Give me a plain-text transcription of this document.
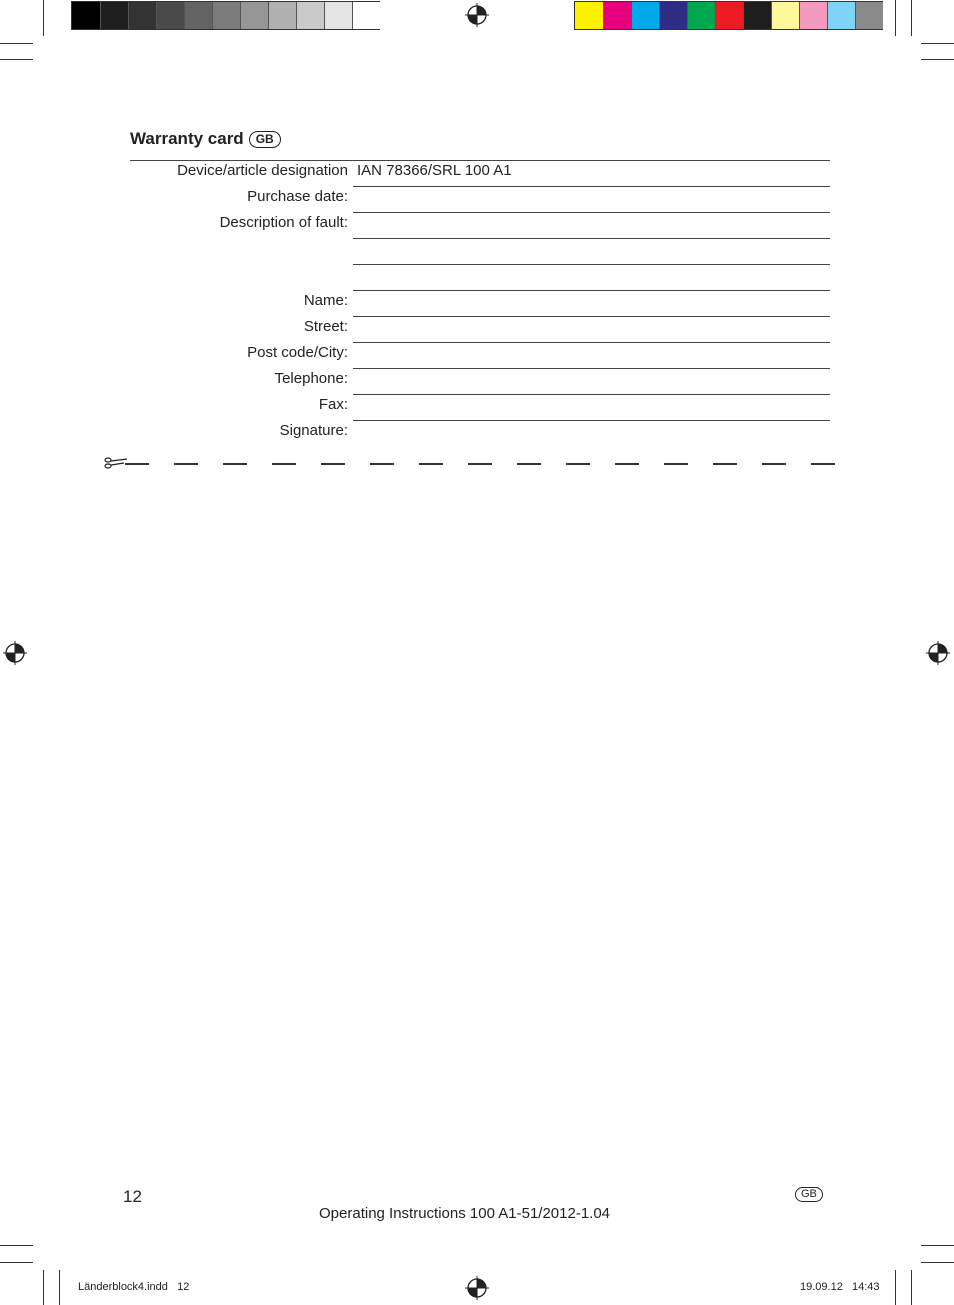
Warranty card	GB
Device/article designation IAN 78366/SRL 100 A1
Purchase date:
Description of fault:
Name:
Street:
Post code/City:
Telephone:
Fax:
Signature:
12	GB
Operating Instructions 100 A1-51/2012-1.04
Länderblock4.indd   12	19.09.12   14:43
